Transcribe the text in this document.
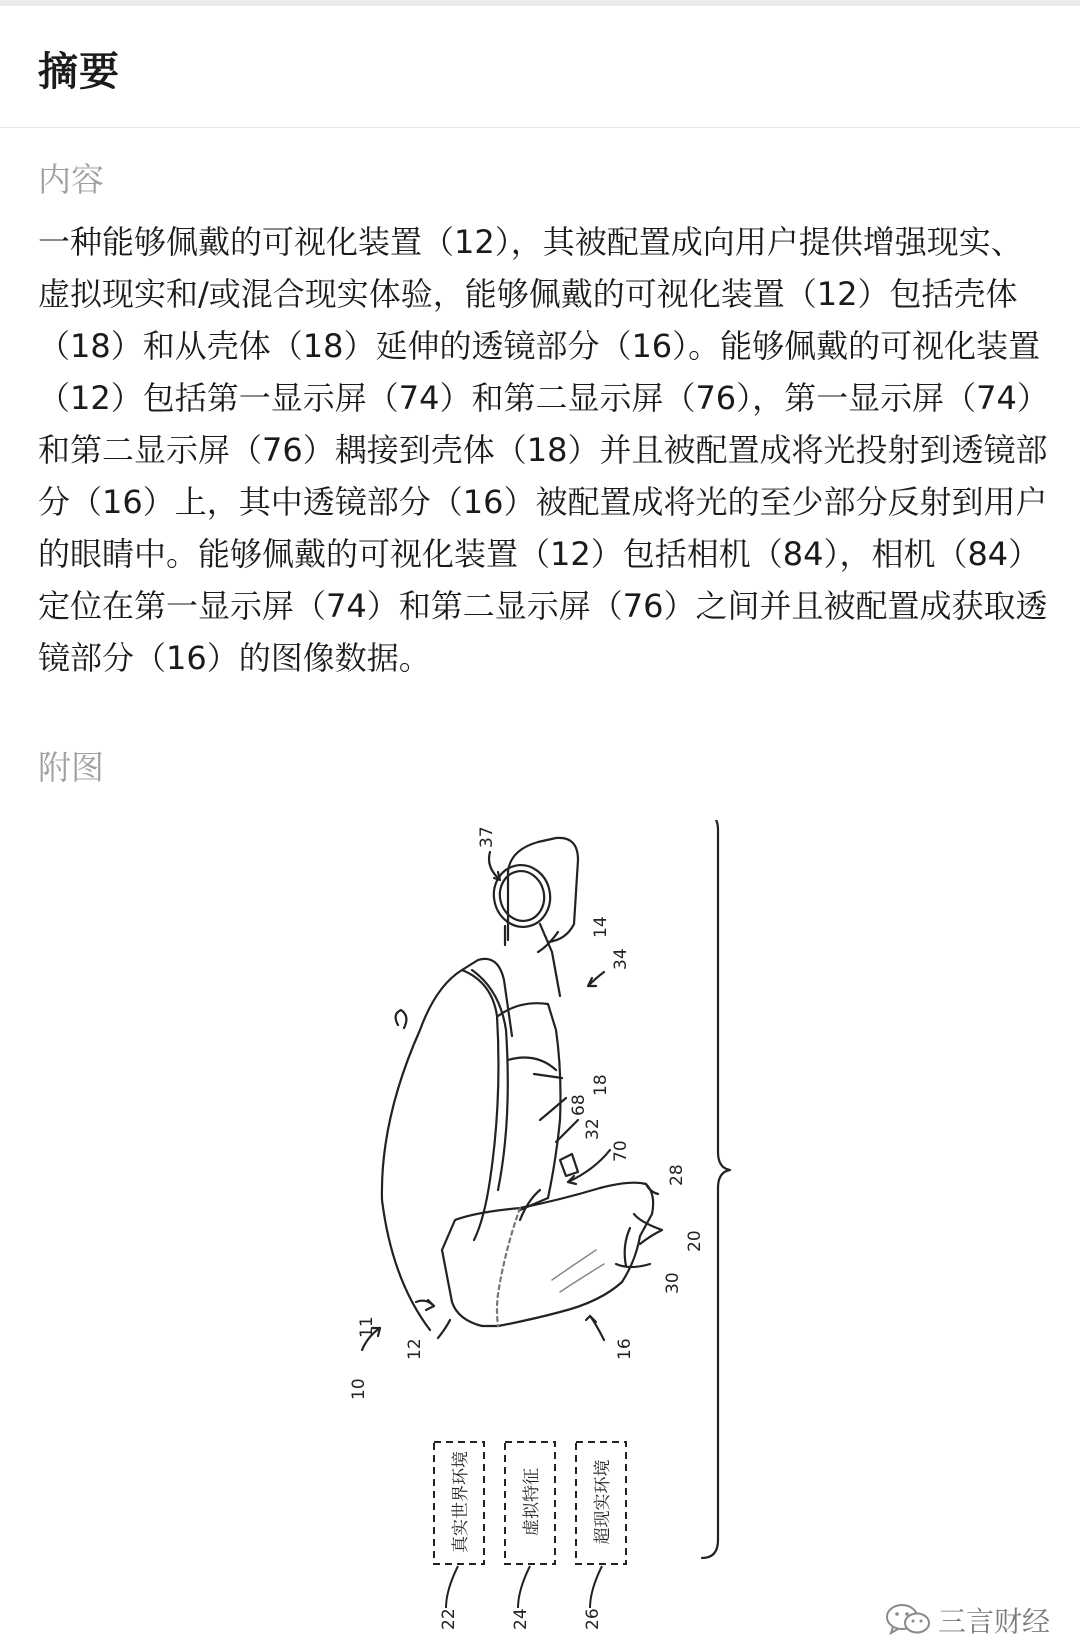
摘要
内容

一种能够佩戴的可视化装置（12），其被配置成向用户提供增强现实、虚拟现实和/或混合现实体验，能够佩戴的可视化装置（12）包括壳体（18）和从壳体（18）延伸的透镜部分（16）。能够佩戴的可视化装置（12）包括第一显示屏（74）和第二显示屏（76），第一显示屏（74）和第二显示屏（76）耦接到壳体（18）并且被配置成将光投射到透镜部分（16）上，其中透镜部分（16）被配置成将光的至少部分反射到用户的眼睛中。能够佩戴的可视化装置（12）包括相机（84），相机（84）定位在第一显示屏（74）和第二显示屏（76）之间并且被配置成获取透镜部分（16）的图像数据。

附图
真实世界环境	虚拟特征	超现实环境
37
14
34
18
68
32
70
28
20
30
16
11
12
10
22	24	26	三言财经
